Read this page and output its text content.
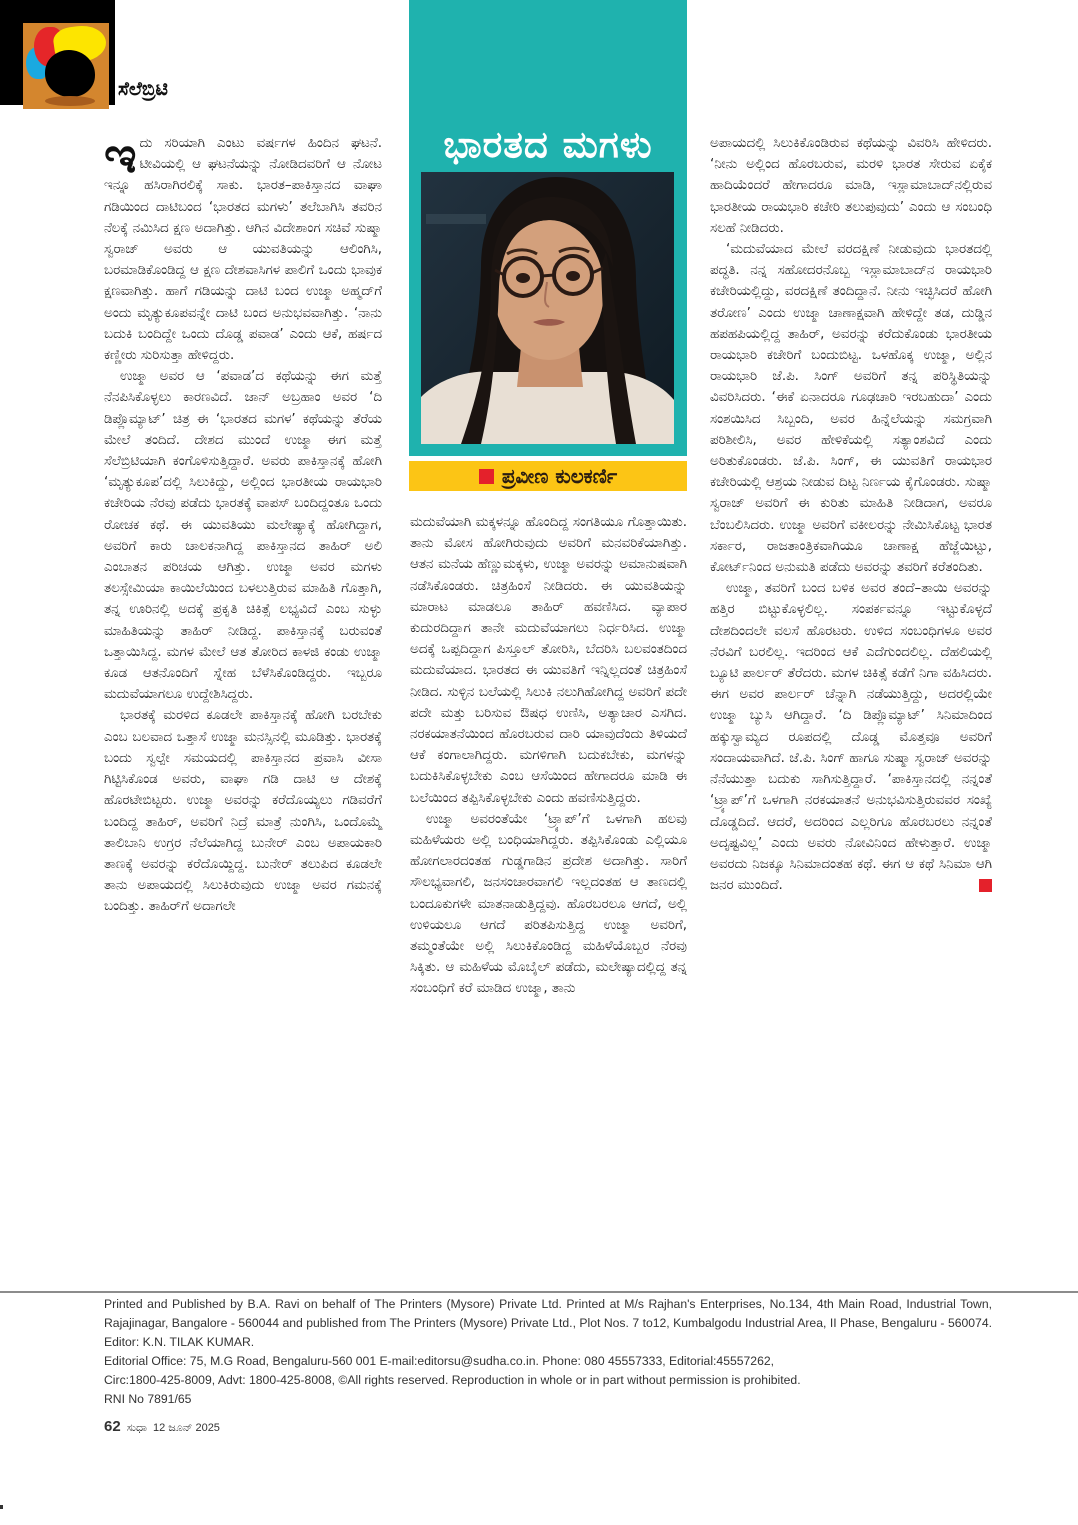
ಸೆಲೆಬ್ರಿಟಿ

ಇದು ಸರಿಯಾಗಿ ಎಂಟು ವರ್ಷಗಳ ಹಿಂದಿನ ಘಟನೆ. ಟೀವಿಯಲ್ಲಿ ಆ ಘಟನೆಯನ್ನು ನೋಡಿದವರಿಗೆ ಆ ನೋಟ ಇನ್ನೂ ಹಸಿರಾಗಿರಲಿಕ್ಕೆ ಸಾಕು. ಭಾರತ–ಪಾಕಿಸ್ತಾನದ ವಾಘಾ ಗಡಿಯಿಂದ ದಾಟಿಬಂದ ‘ಭಾರತದ ಮಗಳು’ ತಲೆಬಾಗಿಸಿ ತವರಿನ ನೆಲಕ್ಕೆ ನಮಿಸಿದ ಕ್ಷಣ ಅದಾಗಿತ್ತು. ಆಗಿನ ವಿದೇಶಾಂಗ ಸಚಿವೆ ಸುಷ್ಮಾ ಸ್ವರಾಜ್ ಅವರು ಆ ಯುವತಿಯನ್ನು ಆಲಿಂಗಿಸಿ, ಬರಮಾಡಿಕೊಂಡಿದ್ದ ಆ ಕ್ಷಣ ದೇಶವಾಸಿಗಳ ಪಾಲಿಗೆ ಒಂದು ಭಾವುಕ ಕ್ಷಣವಾಗಿತ್ತು. ಹಾಗೆ ಗಡಿಯನ್ನು ದಾಟಿ ಬಂದ ಉಜ್ಮಾ ಅಹ್ಮದ್‌ಗೆ ಅಂದು ಮೃತ್ಯುಕೂಪವನ್ನೇ ದಾಟಿ ಬಂದ ಅನುಭವವಾಗಿತ್ತು. ‘ನಾನು ಬದುಕಿ ಬಂದಿದ್ದೇ ಒಂದು ದೊಡ್ಡ ಪವಾಡ’ ಎಂದು ಆಕೆ, ಹರ್ಷದ ಕಣ್ಣೀರು ಸುರಿಸುತ್ತಾ ಹೇಳಿದ್ದರು.

ಉಜ್ಮಾ ಅವರ ಆ ‘ಪವಾಡ’ದ ಕಥೆಯನ್ನು ಈಗ ಮತ್ತೆ ನೆನಪಿಸಿಕೊಳ್ಳಲು ಕಾರಣವಿದೆ. ಜಾನ್ ಅಬ್ರಹಾಂ ಅವರ ‘ದಿ ಡಿಪ್ಲೊಮ್ಯಾಟ್’ ಚಿತ್ರ ಈ ‘ಭಾರತದ ಮಗಳ’ ಕಥೆಯನ್ನು ತೆರೆಯ ಮೇಲೆ ತಂದಿದೆ. ದೇಶದ ಮುಂದೆ ಉಜ್ಮಾ ಈಗ ಮತ್ತೆ ಸೆಲೆಬ್ರಿಟಿಯಾಗಿ ಕಂಗೊಳಿಸುತ್ತಿದ್ದಾರೆ. ಅವರು ಪಾಕಿಸ್ತಾನಕ್ಕೆ ಹೋಗಿ ‘ಮೃತ್ಯುಕೂಪ’ದಲ್ಲಿ ಸಿಲುಕಿದ್ದು, ಅಲ್ಲಿಂದ ಭಾರತೀಯ ರಾಯಭಾರಿ ಕಚೇರಿಯ ನೆರವು ಪಡೆದು ಭಾರತಕ್ಕೆ ವಾಪಸ್ ಬಂದಿದ್ದಂತೂ ಒಂದು ರೋಚಕ ಕಥೆ. ಈ ಯುವತಿಯು ಮಲೇಷ್ಯಾಕ್ಕೆ ಹೋಗಿದ್ದಾಗ, ಅವರಿಗೆ ಕಾರು ಚಾಲಕನಾಗಿದ್ದ ಪಾಕಿಸ್ತಾನದ ತಾಹಿರ್ ಅಲಿ ಎಂಬಾತನ ಪರಿಚಯ ಆಗಿತ್ತು. ಉಜ್ಮಾ ಅವರ ಮಗಳು ತಲಸ್ಸೇಮಿಯಾ ಕಾಯಿಲೆಯಿಂದ ಬಳಲುತ್ತಿರುವ ಮಾಹಿತಿ ಗೊತ್ತಾಗಿ, ತನ್ನ ಊರಿನಲ್ಲಿ ಅದಕ್ಕೆ ಪ್ರಕೃತಿ ಚಿಕಿತ್ಸೆ ಲಭ್ಯವಿದೆ ಎಂಬ ಸುಳ್ಳು ಮಾಹಿತಿಯನ್ನು ತಾಹಿರ್ ನೀಡಿದ್ದ. ಪಾಕಿಸ್ತಾನಕ್ಕೆ ಬರುವಂತೆ ಒತ್ತಾಯಿಸಿದ್ದ. ಮಗಳ ಮೇಲೆ ಆತ ತೋರಿದ ಕಾಳಜಿ ಕಂಡು ಉಜ್ಮಾ ಕೂಡ ಆತನೊಂದಿಗೆ ಸ್ನೇಹ ಬೆಳೆಸಿಕೊಂಡಿದ್ದರು. ಇಬ್ಬರೂ ಮದುವೆಯಾಗಲೂ ಉದ್ದೇಶಿಸಿದ್ದರು.

ಭಾರತಕ್ಕೆ ಮರಳಿದ ಕೂಡಲೇ ಪಾಕಿಸ್ತಾನಕ್ಕೆ ಹೋಗಿ ಬರಬೇಕು ಎಂಬ ಬಲವಾದ ಒತ್ತಾಸೆ ಉಜ್ಮಾ ಮನಸ್ಸಿನಲ್ಲಿ ಮೂಡಿತ್ತು. ಭಾರತಕ್ಕೆ ಬಂದು ಸ್ವಲ್ಪೇ ಸಮಯದಲ್ಲಿ ಪಾಕಿಸ್ತಾನದ ಪ್ರವಾಸಿ ವೀಸಾ ಗಿಟ್ಟಿಸಿಕೊಂಡ ಅವರು, ವಾಘಾ ಗಡಿ ದಾಟಿ ಆ ದೇಶಕ್ಕೆ ಹೊರಟೇಬಿಟ್ಟರು. ಉಜ್ಮಾ ಅವರನ್ನು ಕರೆದೊಯ್ಯಲು ಗಡಿವರೆಗೆ ಬಂದಿದ್ದ ತಾಹಿರ್, ಅವರಿಗೆ ನಿದ್ರೆ ಮಾತ್ರೆ ನುಂಗಿಸಿ, ಒಂದೊಮ್ಮೆ ತಾಲಿಬಾನಿ ಉಗ್ರರ ನೆಲೆಯಾಗಿದ್ದ ಬುನೇರ್ ಎಂಬ ಅಪಾಯಕಾರಿ ತಾಣಕ್ಕೆ ಅವರನ್ನು ಕರೆದೊಯ್ದಿದ್ದ. ಬುನೇರ್ ತಲುಪಿದ ಕೂಡಲೇ ತಾನು ಅಪಾಯದಲ್ಲಿ ಸಿಲುಕಿರುವುದು ಉಜ್ಮಾ ಅವರ ಗಮನಕ್ಕೆ ಬಂದಿತ್ತು. ತಾಹಿರ್‌ಗೆ ಅದಾಗಲೇ

ಭಾರತದ ಮಗಳು
ಪ್ರವೀಣ ಕುಲಕರ್ಣಿ

ಮದುವೆಯಾಗಿ ಮಕ್ಕಳನ್ನೂ ಹೊಂದಿದ್ದ ಸಂಗತಿಯೂ ಗೊತ್ತಾಯಿತು. ತಾನು ಮೋಸ ಹೋಗಿರುವುದು ಅವರಿಗೆ ಮನವರಿಕೆಯಾಗಿತ್ತು. ಆತನ ಮನೆಯ ಹೆಣ್ಣುಮಕ್ಕಳು, ಉಜ್ಮಾ ಅವರನ್ನು ಅಮಾನುಷವಾಗಿ ನಡೆಸಿಕೊಂಡರು. ಚಿತ್ರಹಿಂಸೆ ನೀಡಿದರು. ಈ ಯುವತಿಯನ್ನು ಮಾರಾಟ ಮಾಡಲೂ ತಾಹಿರ್ ಹವಣಿಸಿದ. ವ್ಯಾಪಾರ ಕುದುರದಿದ್ದಾಗ ತಾನೇ ಮದುವೆಯಾಗಲು ನಿರ್ಧರಿಸಿದ. ಉಜ್ಮಾ ಅದಕ್ಕೆ ಒಪ್ಪದಿದ್ದಾಗ ಪಿಸ್ತೂಲ್ ತೋರಿಸಿ, ಬೆದರಿಸಿ ಬಲವಂತದಿಂದ ಮದುವೆಯಾದ. ಭಾರತದ ಈ ಯುವತಿಗೆ ಇನ್ನಿಲ್ಲದಂತೆ ಚಿತ್ರಹಿಂಸೆ ನೀಡಿದ. ಸುಳ್ಳಿನ ಬಲೆಯಲ್ಲಿ ಸಿಲುಕಿ ನಲುಗಿಹೋಗಿದ್ದ ಅವರಿಗೆ ಪದೇ ಪದೇ ಮತ್ತು ಬರಿಸುವ ಔಷಧ ಉಣಿಸಿ, ಅತ್ಯಾಚಾರ ಎಸಗಿದ. ನರಕಯಾತನೆಯಿಂದ ಹೊರಬರುವ ದಾರಿ ಯಾವುದೆಂದು ತಿಳಿಯದೆ ಆಕೆ ಕಂಗಾಲಾಗಿದ್ದರು. ಮಗಳಿಗಾಗಿ ಬದುಕಬೇಕು, ಮಗಳನ್ನು ಬದುಕಿಸಿಕೊಳ್ಳಬೇಕು ಎಂಬ ಆಸೆಯಿಂದ ಹೇಗಾದರೂ ಮಾಡಿ ಈ ಬಲೆಯಿಂದ ತಪ್ಪಿಸಿಕೊಳ್ಳಬೇಕು ಎಂದು ಹವಣಿಸುತ್ತಿದ್ದರು.

ಉಜ್ಮಾ ಅವರಂತೆಯೇ ‘ಟ್ರ್ಯಾಪ್’ಗೆ ಒಳಗಾಗಿ ಹಲವು ಮಹಿಳೆಯರು ಅಲ್ಲಿ ಬಂಧಿಯಾಗಿದ್ದರು. ತಪ್ಪಿಸಿಕೊಂಡು ಎಲ್ಲಿಯೂ ಹೋಗಲಾರದಂತಹ ಗುಡ್ಡಗಾಡಿನ ಪ್ರದೇಶ ಅದಾಗಿತ್ತು. ಸಾರಿಗೆ ಸೌಲಭ್ಯವಾಗಲಿ, ಜನಸಂಚಾರವಾಗಲಿ ಇಲ್ಲದಂತಹ ಆ ತಾಣದಲ್ಲಿ ಬಂದೂಕುಗಳೇ ಮಾತನಾಡುತ್ತಿದ್ದವು. ಹೊರಬರಲೂ ಆಗದೆ, ಅಲ್ಲಿ ಉಳಿಯಲೂ ಆಗದೆ ಪರಿತಪಿಸುತ್ತಿದ್ದ ಉಜ್ಮಾ ಅವರಿಗೆ, ತಮ್ಮಂತೆಯೇ ಅಲ್ಲಿ ಸಿಲುಕಿಕೊಂಡಿದ್ದ ಮಹಿಳೆಯೊಬ್ಬರ ನೆರವು ಸಿಕ್ಕಿತು. ಆ ಮಹಿಳೆಯ ಮೊಬೈಲ್ ಪಡೆದು, ಮಲೇಷ್ಯಾದಲ್ಲಿದ್ದ ತನ್ನ ಸಂಬಂಧಿಗೆ ಕರೆ ಮಾಡಿದ ಉಜ್ಮಾ, ತಾನು

ಅಪಾಯದಲ್ಲಿ ಸಿಲುಕಿಕೊಂಡಿರುವ ಕಥೆಯನ್ನು ವಿವರಿಸಿ ಹೇಳಿದರು. ‘ನೀನು ಅಲ್ಲಿಂದ ಹೊರಬರುವ, ಮರಳಿ ಭಾರತ ಸೇರುವ ಏಕೈಕ ಹಾದಿಯೆಂದರೆ ಹೇಗಾದರೂ ಮಾಡಿ, ಇಸ್ಲಾಮಾಬಾದ್‌ನಲ್ಲಿರುವ ಭಾರತೀಯ ರಾಯಭಾರಿ ಕಚೇರಿ ತಲುಪುವುದು’ ಎಂದು ಆ ಸಂಬಂಧಿ ಸಲಹೆ ನೀಡಿದರು.

‘ಮದುವೆಯಾದ ಮೇಲೆ ವರದಕ್ಷಿಣೆ ನೀಡುವುದು ಭಾರತದಲ್ಲಿ ಪದ್ಧತಿ. ನನ್ನ ಸಹೋದರನೊಬ್ಬ ಇಸ್ಲಾಮಾಬಾದ್‌ನ ರಾಯಭಾರಿ ಕಚೇರಿಯಲ್ಲಿದ್ದು, ವರದಕ್ಷಿಣೆ ತಂದಿದ್ದಾನೆ. ನೀನು ಇಚ್ಛಿಸಿದರೆ ಹೋಗಿ ತರೋಣ’ ಎಂದು ಉಜ್ಮಾ ಚಾಣಾಕ್ಷವಾಗಿ ಹೇಳಿದ್ದೇ ತಡ, ದುಡ್ಡಿನ ಹಪಹಪಿಯಲ್ಲಿದ್ದ ತಾಹಿರ್, ಅವರನ್ನು ಕರೆದುಕೊಂಡು ಭಾರತೀಯ ರಾಯಭಾರಿ ಕಚೇರಿಗೆ ಬಂದುಬಿಟ್ಟ. ಒಳಹೊಕ್ಕ ಉಜ್ಮಾ, ಅಲ್ಲಿನ ರಾಯಭಾರಿ ಜೆ.ಪಿ. ಸಿಂಗ್ ಅವರಿಗೆ ತನ್ನ ಪರಿಸ್ಥಿತಿಯನ್ನು ವಿವರಿಸಿದರು. ‘ಈಕೆ ಏನಾದರೂ ಗೂಢಚಾರಿ ಇರಬಹುದಾ’ ಎಂದು ಸಂಶಯಿಸಿದ ಸಿಬ್ಬಂದಿ, ಅವರ ಹಿನ್ನೆಲೆಯನ್ನು ಸಮಗ್ರವಾಗಿ ಪರಿಶೀಲಿಸಿ, ಅವರ ಹೇಳಿಕೆಯಲ್ಲಿ ಸತ್ಯಾಂಶವಿದೆ ಎಂದು ಅರಿತುಕೊಂಡರು. ಜೆ.ಪಿ. ಸಿಂಗ್, ಈ ಯುವತಿಗೆ ರಾಯಭಾರ ಕಚೇರಿಯಲ್ಲಿ ಆಶ್ರಯ ನೀಡುವ ದಿಟ್ಟ ನಿರ್ಣಯ ಕೈಗೊಂಡರು. ಸುಷ್ಮಾ ಸ್ವರಾಜ್ ಅವರಿಗೆ ಈ ಕುರಿತು ಮಾಹಿತಿ ನೀಡಿದಾಗ, ಅವರೂ ಬೆಂಬಲಿಸಿದರು. ಉಜ್ಮಾ ಅವರಿಗೆ ವಕೀಲರನ್ನು ನೇಮಿಸಿಕೊಟ್ಟ ಭಾರತ ಸರ್ಕಾರ, ರಾಜತಾಂತ್ರಿಕವಾಗಿಯೂ ಚಾಣಾಕ್ಷ ಹೆಜ್ಜೆಯಿಟ್ಟು, ಕೋರ್ಟ್‌ನಿಂದ ಅನುಮತಿ ಪಡೆದು ಅವರನ್ನು ತವರಿಗೆ ಕರೆತಂದಿತು.

ಉಜ್ಮಾ, ತವರಿಗೆ ಬಂದ ಬಳಿಕ ಅವರ ತಂದೆ–ತಾಯಿ ಅವರನ್ನು ಹತ್ತಿರ ಬಿಟ್ಟುಕೊಳ್ಳಲಿಲ್ಲ. ಸಂಪರ್ಕವನ್ನೂ ಇಟ್ಟುಕೊಳ್ಳದೆ ದೇಶದಿಂದಲೇ ವಲಸೆ ಹೊರಟರು. ಉಳಿದ ಸಂಬಂಧಿಗಳೂ ಅವರ ನೆರವಿಗೆ ಬರಲಿಲ್ಲ. ಇದರಿಂದ ಆಕೆ ಎದೆಗುಂದಲಿಲ್ಲ. ದೆಹಲಿಯಲ್ಲಿ ಬ್ಯೂಟಿ ಪಾರ್ಲರ್ ತೆರೆದರು. ಮಗಳ ಚಿಕಿತ್ಸೆ ಕಡೆಗೆ ನಿಗಾ ವಹಿಸಿದರು. ಈಗ ಅವರ ಪಾರ್ಲರ್ ಚೆನ್ನಾಗಿ ನಡೆಯುತ್ತಿದ್ದು, ಅದರಲ್ಲಿಯೇ ಉಜ್ಮಾ ಬ್ಯುಸಿ ಆಗಿದ್ದಾರೆ. ‘ದಿ ಡಿಪ್ಲೊಮ್ಯಾಟ್’ ಸಿನಿಮಾದಿಂದ ಹಕ್ಕುಸ್ವಾಮ್ಯದ ರೂಪದಲ್ಲಿ ದೊಡ್ಡ ಮೊತ್ತವೂ ಅವರಿಗೆ ಸಂದಾಯವಾಗಿದೆ. ಜೆ.ಪಿ. ಸಿಂಗ್ ಹಾಗೂ ಸುಷ್ಮಾ ಸ್ವರಾಜ್ ಅವರನ್ನು ನೆನೆಯುತ್ತಾ ಬದುಕು ಸಾಗಿಸುತ್ತಿದ್ದಾರೆ. ‘ಪಾಕಿಸ್ತಾನದಲ್ಲಿ ನನ್ನಂತೆ ‘ಟ್ರ್ಯಾಪ್’ಗೆ ಒಳಗಾಗಿ ನರಕಯಾತನೆ ಅನುಭವಿಸುತ್ತಿರುವವರ ಸಂಖ್ಯೆ ದೊಡ್ಡದಿದೆ. ಆದರೆ, ಅದರಿಂದ ಎಲ್ಲರಿಗೂ ಹೊರಬರಲು ನನ್ನಂತೆ ಅದೃಷ್ಟವಿಲ್ಲ’ ಎಂದು ಅವರು ನೋವಿನಿಂದ ಹೇಳುತ್ತಾರೆ. ಉಜ್ಮಾ ಅವರದು ನಿಜಕ್ಕೂ ಸಿನಿಮಾದಂತಹ ಕಥೆ. ಈಗ ಆ ಕಥೆ ಸಿನಿಮಾ ಆಗಿ ಜನರ ಮುಂದಿದೆ.

Printed and Published by B.A. Ravi on behalf of The Printers (Mysore) Private Ltd. Printed at M/s Rajhan's Enterprises, No.134, 4th Main Road, Industrial Town, Rajajinagar, Bangalore - 560044 and published from The Printers (Mysore) Private Ltd., Plot Nos. 7 to12, Kumbalgodu Industrial Area, II Phase, Bengaluru - 560074. Editor: K.N. TILAK KUMAR.
Editorial Office: 75, M.G Road, Bengaluru-560 001 E-mail:editorsu@sudha.co.in. Phone: 080 45557333, Editorial:45557262,
Circ:1800-425-8009, Advt: 1800-425-8008, ©All rights reserved. Reproduction in whole or in part without permission is prohibited.
RNI No 7891/65
62 ಸುಧಾ 12 ಜೂನ್ 2025
